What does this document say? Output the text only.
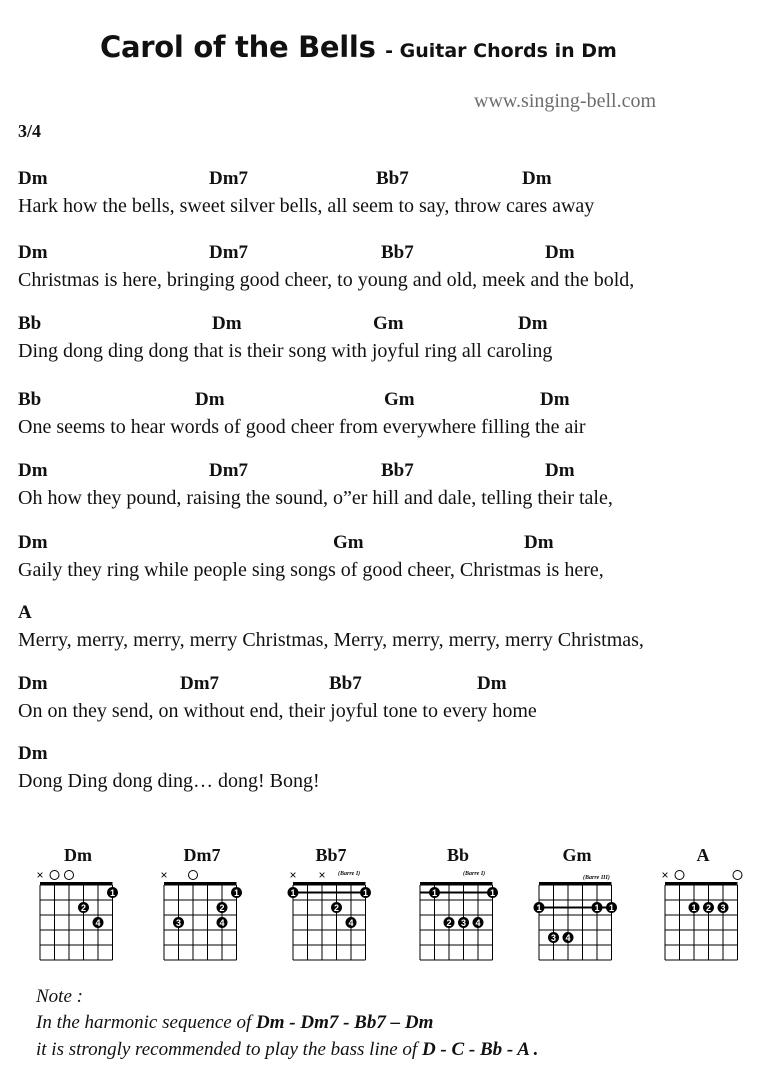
Carol of the Bells - Guitar Chords in Dm
www.singing-bell.com
3/4
Dm	Dm7	Bb7	Dm
Hark how the bells, sweet silver bells, all seem to say, throw cares away
Dm	Dm7	Bb7	Dm
Christmas is here, bringing good cheer, to young and old, meek and the bold,
Bb	Dm	Gm	Dm
Ding dong ding dong that is their song with joyful ring all caroling
Bb	Dm	Gm	Dm
One seems to hear words of good cheer from everywhere filling the air
Dm	Dm7	Bb7	Dm
Oh how they pound, raising the sound, o”er hill and dale, telling their tale,
Dm	Gm	Dm
Gaily they ring while people sing songs of good cheer, Christmas is here,
A
Merry, merry, merry, merry Christmas, Merry, merry, merry, merry Christmas,
Dm	Dm7	Bb7	Dm
On on they send, on without end, their joyful tone to every home
Dm
Dong Ding dong ding… dong! Bong!
Dm
×
1
2
4
Dm7
×
1
2
3	4
Bb7
(Barre I)
× ×
1	1
2
4
Bb
(Barre I)
1	1
2 3 4
Gm
(Barre III)
1	1 1
3 4
A
×
1 2 3
Note :
In the harmonic sequence of Dm - Dm7 - Bb7 – Dm
it is strongly recommended to play the bass line of D - C - Bb - A .
